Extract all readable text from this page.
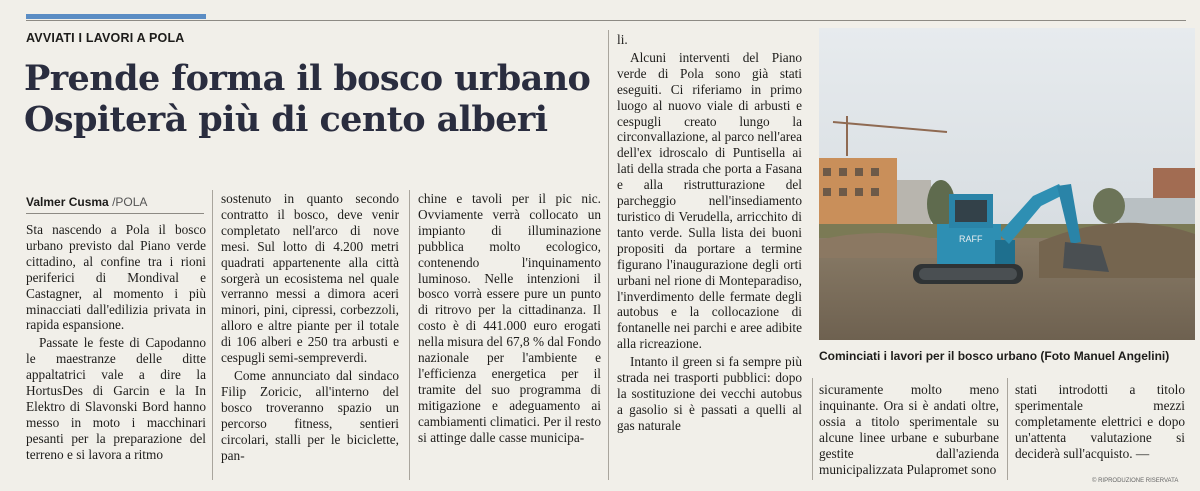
AVVIATI I LAVORI A POLA
Prende forma il bosco urbano
Ospiterà più di cento alberi
Valmer Cusma /POLA

Sta nascendo a Pola il bosco urbano previsto dal Piano verde cittadino, al confine tra i rioni periferici di Mondival e Castagner, al momento i più minacciati dall'edilizia privata in rapida espansione.

Passate le feste di Capodanno le maestranze delle ditte appaltatrici vale a dire la HortusDes di Garcin e la In Elektro di Slavonski Bord hanno messo in moto i macchinari pesanti per la preparazione del terreno e si lavora a ritmo

sostenuto in quanto secondo contratto il bosco, deve venir completato nell'arco di nove mesi. Sul lotto di 4.200 metri quadrati appartenente alla città sorgerà un ecosistema nel quale verranno messi a dimora aceri minori, pini, cipressi, corbezzoli, alloro e altre piante per il totale di 106 alberi e 250 tra arbusti e cespugli semi-sempreverdi.

Come annunciato dal sindaco Filip Zoricic, all'interno del bosco troveranno spazio un percorso fitness, sentieri circolari, stalli per le biciclette, pan-

chine e tavoli per il pic nic. Ovviamente verrà collocato un impianto di illuminazione pubblica molto ecologico, contenendo l'inquinamento luminoso. Nelle intenzioni il bosco vorrà essere pure un punto di ritrovo per la cittadinanza. Il costo è di 441.000 euro erogati nella misura del 67,8 % dal Fondo nazionale per l'ambiente e l'efficienza energetica per il tramite del suo programma di mitigazione e adeguamento ai cambiamenti climatici. Per il resto si attinge dalle casse municipa-

li.

Alcuni interventi del Piano verde di Pola sono già stati eseguiti. Ci riferiamo in primo luogo al nuovo viale di arbusti e cespugli creato lungo la circonvallazione, al parco nell'area dell'ex idroscalo di Puntisella ai lati della strada che porta a Fasana e alla ristrutturazione del parcheggio nell'insediamento turistico di Verudella, arricchito di tanto verde. Sulla lista dei buoni propositi da portare a termine figurano l'inaugurazione degli orti urbani nel rione di Monteparadiso, l'inverdimento delle fermate degli autobus e la collocazione di fontanelle nei parchi e aree adibite alla ricreazione.

Intanto il green si fa sempre più strada nei trasporti pubblici: dopo la sostituzione dei vecchi autobus a gasolio si è passati a quelli al gas naturale

sicuramente molto meno inquinante. Ora si è andati oltre, ossia a titolo sperimentale su alcune linee urbane e suburbane gestite dall'azienda municipalizzata Pulapromet sono

stati introdotti a titolo sperimentale mezzi completamente elettrici e dopo un'attenta valutazione si deciderà sull'acquisto. —

RAFF
Cominciati i lavori per il bosco urbano (Foto Manuel Angelini)
© RIPRODUZIONE RISERVATA
